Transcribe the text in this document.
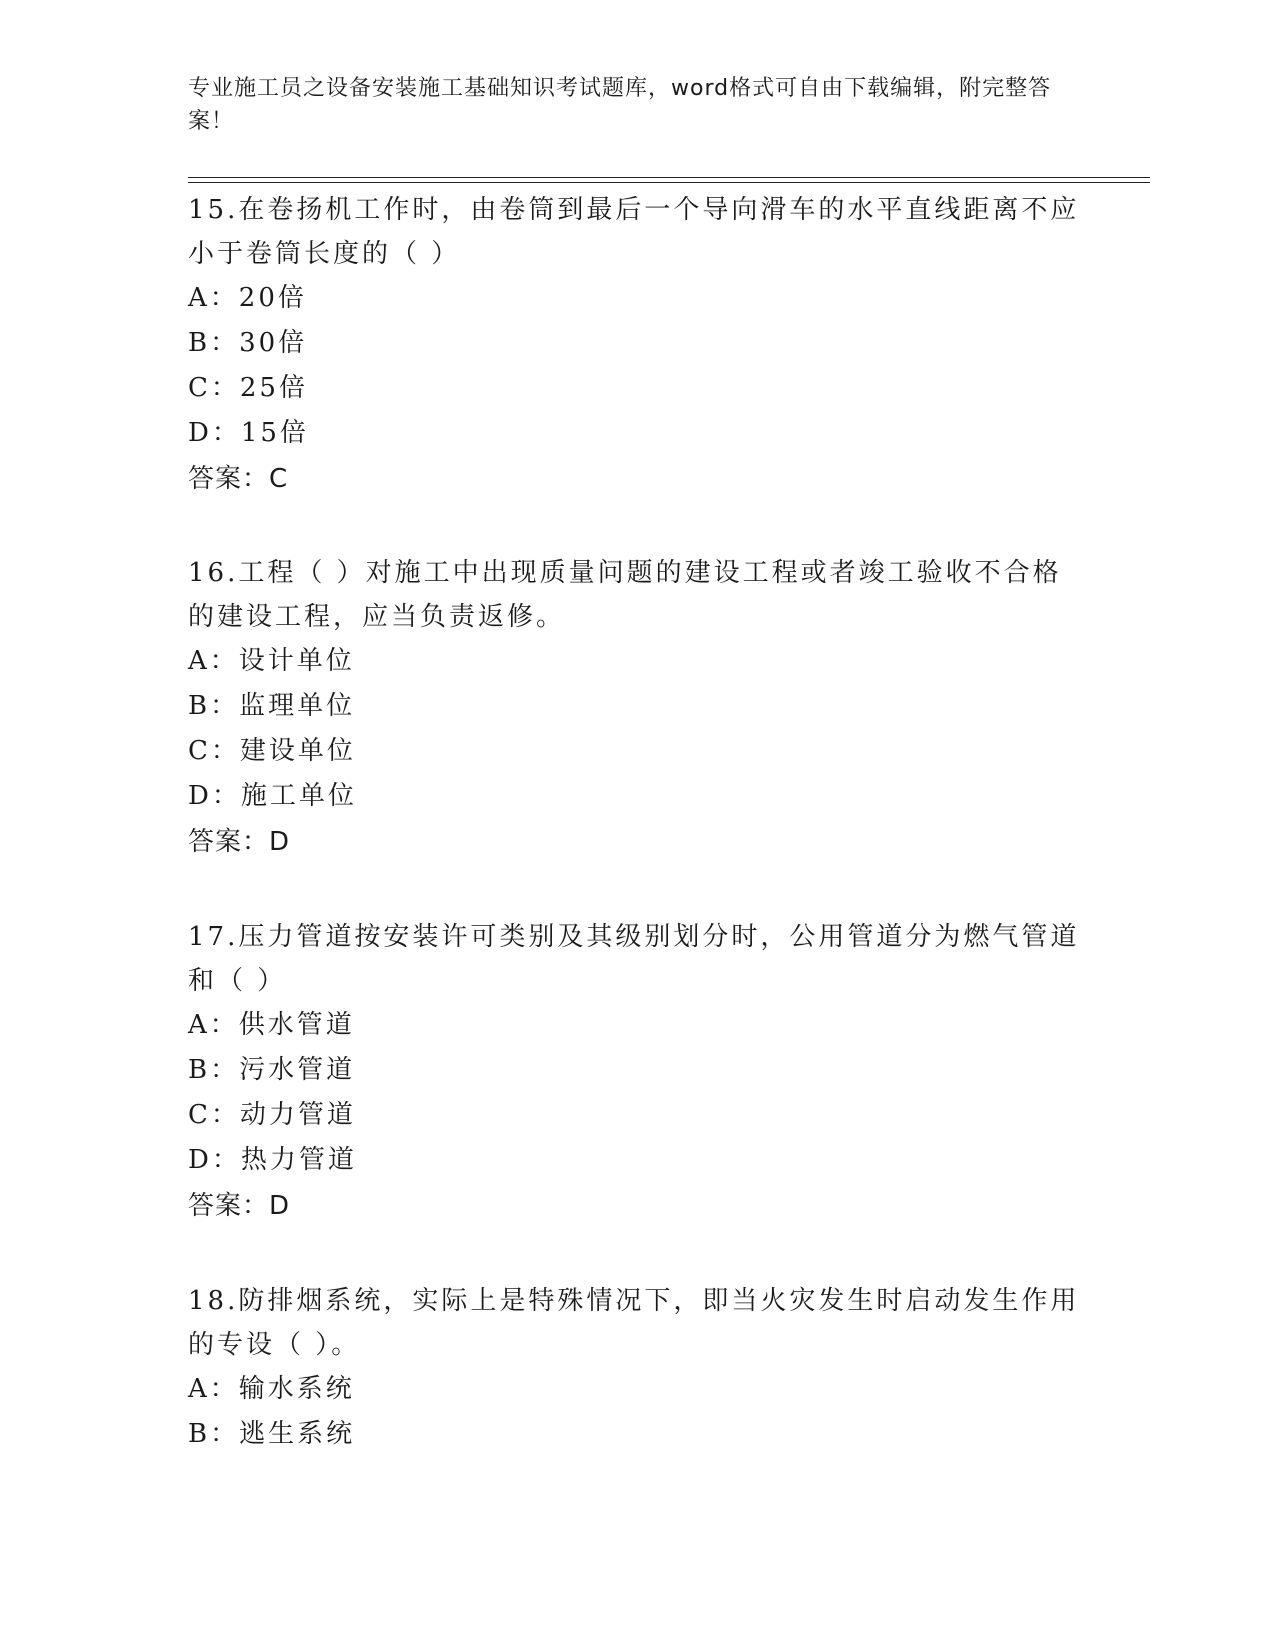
专业施工员之设备安装施工基础知识考试题库，word格式可自由下载编辑，附完整答案！

15.在卷扬机工作时，由卷筒到最后一个导向滑车的水平直线距离不应小于卷筒长度的（ ）

A：20倍
B：30倍
C：25倍
D：15倍
答案：C

16.工程（ ）对施工中出现质量问题的建设工程或者竣工验收不合格的建设工程，应当负责返修。

A：设计单位
B：监理单位
C：建设单位
D：施工单位
答案：D

17.压力管道按安装许可类别及其级别划分时，公用管道分为燃气管道和（ ）

A：供水管道
B：污水管道
C：动力管道
D：热力管道
答案：D

18.防排烟系统，实际上是特殊情况下，即当火灾发生时启动发生作用的专设（ ）。

A：输水系统
B：逃生系统
